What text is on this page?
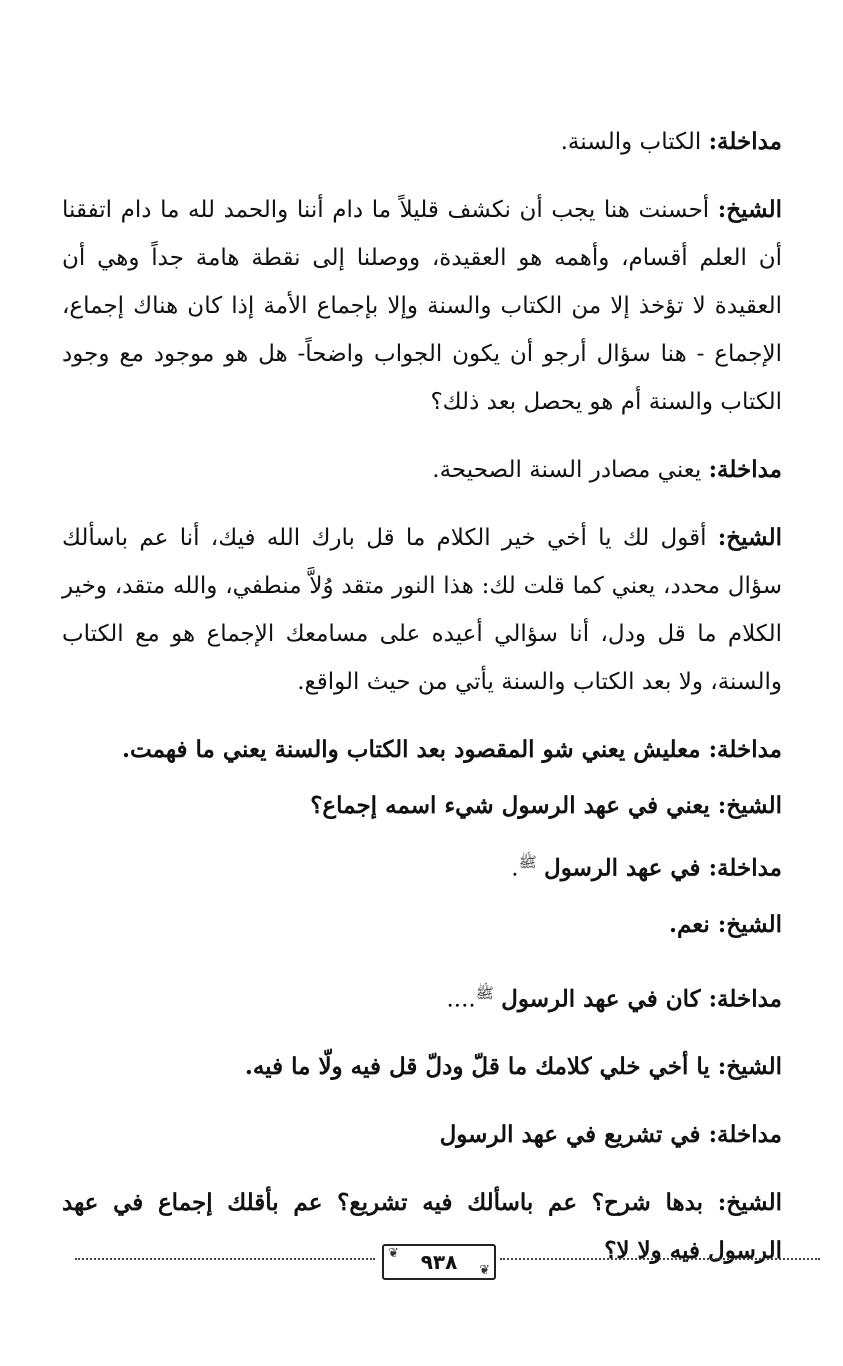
مداخلة: الكتاب والسنة.

الشيخ: أحسنت هنا يجب أن نكشف قليلاً ما دام أننا والحمد لله ما دام اتفقنا أن العلم أقسام، وأهمه هو العقيدة، ووصلنا إلى نقطة هامة جداً وهي أن العقيدة لا تؤخذ إلا من الكتاب والسنة وإلا بإجماع الأمة إذا كان هناك إجماع، الإجماع - هنا سؤال أرجو أن يكون الجواب واضحاً- هل هو موجود مع وجود الكتاب والسنة أم هو يحصل بعد ذلك؟

مداخلة: يعني مصادر السنة الصحيحة.

الشيخ: أقول لك يا أخي خير الكلام ما قل بارك الله فيك، أنا عم باسألك سؤال محدد، يعني كما قلت لك: هذا النور متقد وُلاَّ منطفي، والله متقد، وخير الكلام ما قل ودل، أنا سؤالي أعيده على مسامعك الإجماع هو مع الكتاب والسنة، ولا بعد الكتاب والسنة يأتي من حيث الواقع.

مداخلة: معليش يعني شو المقصود بعد الكتاب والسنة يعني ما فهمت.

الشيخ: يعني في عهد الرسول شيء اسمه إجماع؟

مداخلة: في عهد الرسول $^ﷺ$.

الشيخ: نعم.

مداخلة: كان في عهد الرسول $^ﷺ$....

الشيخ: يا أخي خلي كلامك ما قلّ ودلّ قل فيه ولّا ما فيه.

مداخلة: في تشريع في عهد الرسول

الشيخ: بدها شرح؟ عم باسألك فيه تشريع؟ عم بأقلك إجماع في عهد الرسول فيه ولا لا؟

❦ ٩٣٨ ❦
